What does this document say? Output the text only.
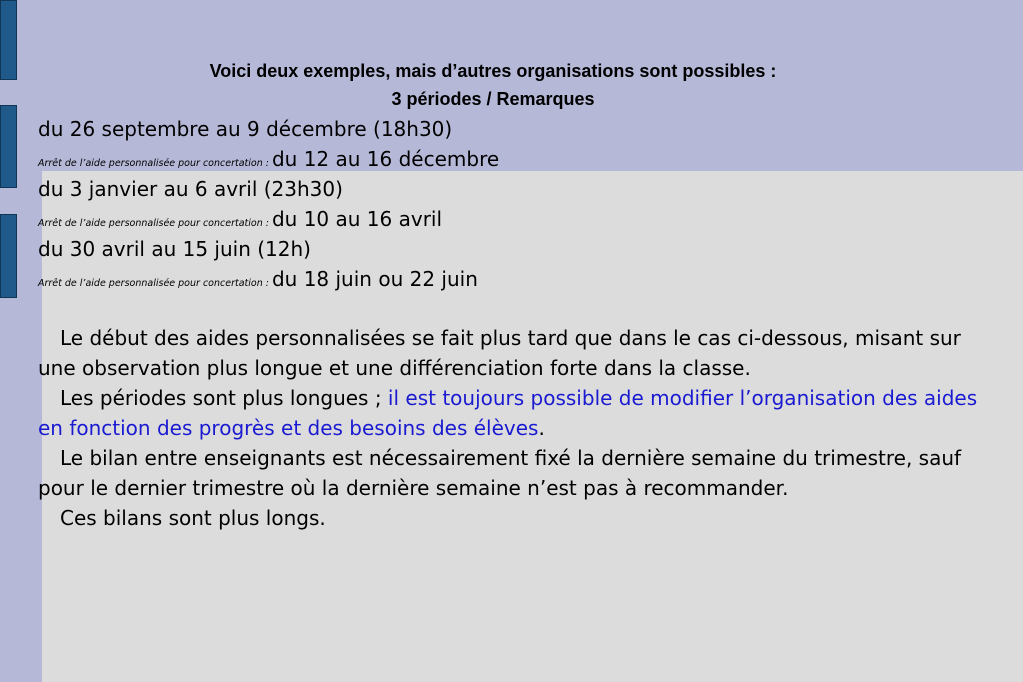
Voici deux exemples, mais d’autres organisations sont possibles :
3 périodes / Remarques
du 26 septembre au 9 décembre (18h30)
Arrêt de l’aide personnalisée pour concertation : du 12 au 16 décembre
du 3 janvier au 6 avril (23h30)
Arrêt de l’aide personnalisée pour concertation : du 10 au 16 avril
du 30 avril au 15 juin (12h)
Arrêt de l’aide personnalisée pour concertation : du 18 juin ou 22 juin

Le début des aides personnalisées se fait plus tard que dans le cas ci-dessous, misant sur une observation plus longue et une différenciation forte dans la classe.

Les périodes sont plus longues ; il est toujours possible de modifier l’organisation des aides en fonction des progrès et des besoins des élèves.

Le bilan entre enseignants est nécessairement fixé la dernière semaine du trimestre, sauf pour le dernier trimestre où la dernière semaine n’est pas à recommander.

Ces bilans sont plus longs.
